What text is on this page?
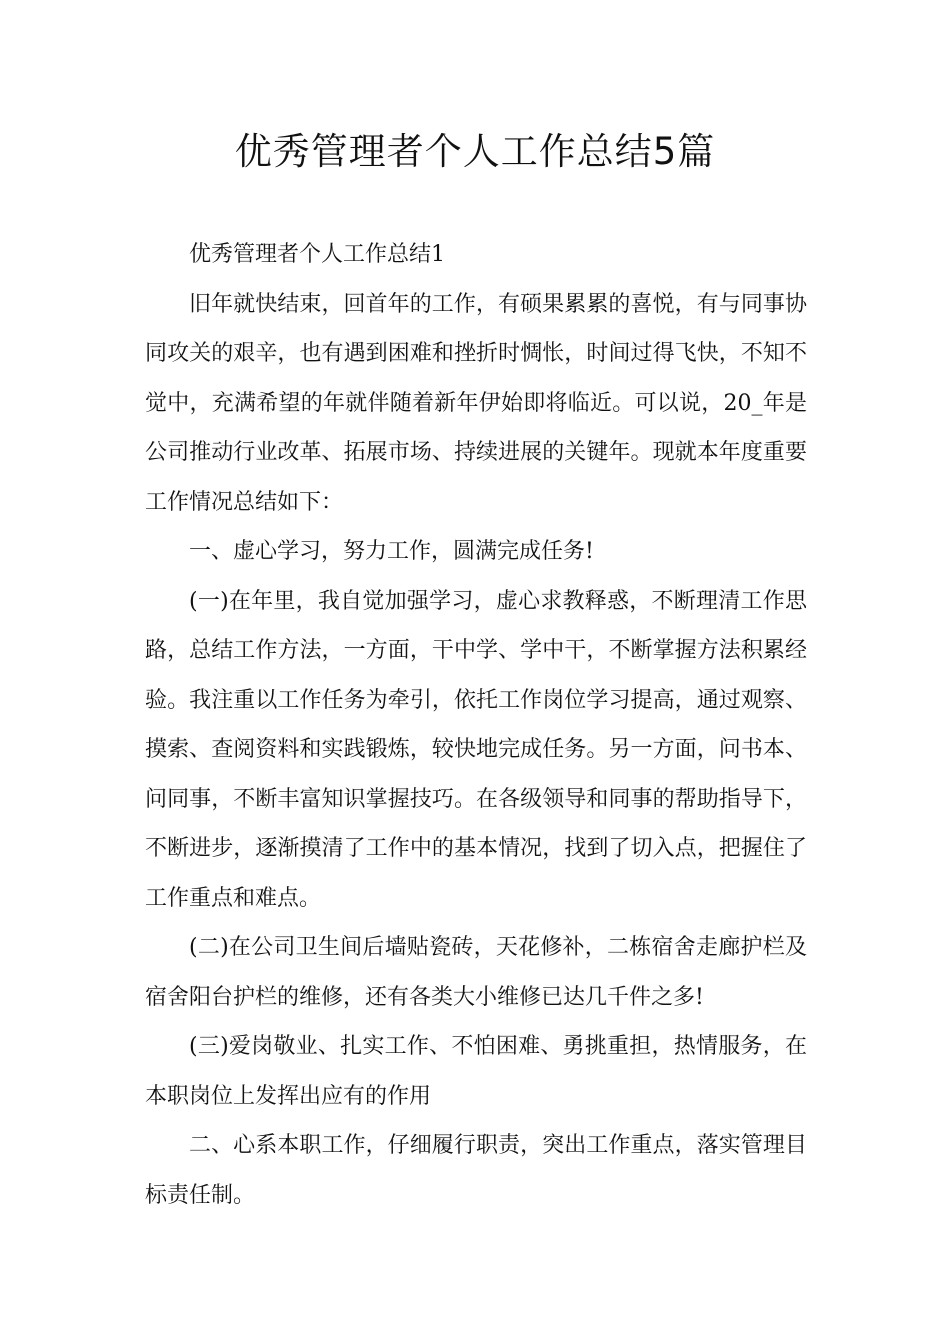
优秀管理者个人工作总结5篇

优秀管理者个人工作总结1

旧年就快结束，回首年的工作，有硕果累累的喜悦，有与同事协同攻关的艰辛，也有遇到困难和挫折时惆怅，时间过得飞快，不知不觉中，充满希望的年就伴随着新年伊始即将临近。可以说，20_年是公司推动行业改革、拓展市场、持续进展的关键年。现就本年度重要工作情况总结如下：

一、虚心学习，努力工作，圆满完成任务!

(一)在年里，我自觉加强学习，虚心求教释惑，不断理清工作思路，总结工作方法，一方面，干中学、学中干，不断掌握方法积累经验。我注重以工作任务为牵引，依托工作岗位学习提高，通过观察、摸索、查阅资料和实践锻炼，较快地完成任务。另一方面，问书本、问同事，不断丰富知识掌握技巧。在各级领导和同事的帮助指导下，不断进步，逐渐摸清了工作中的基本情况，找到了切入点，把握住了工作重点和难点。

(二)在公司卫生间后墙贴瓷砖，天花修补，二栋宿舍走廊护栏及宿舍阳台护栏的维修，还有各类大小维修已达几千件之多!

(三)爱岗敬业、扎实工作、不怕困难、勇挑重担，热情服务，在本职岗位上发挥出应有的作用

二、心系本职工作，仔细履行职责，突出工作重点，落实管理目标责任制。
